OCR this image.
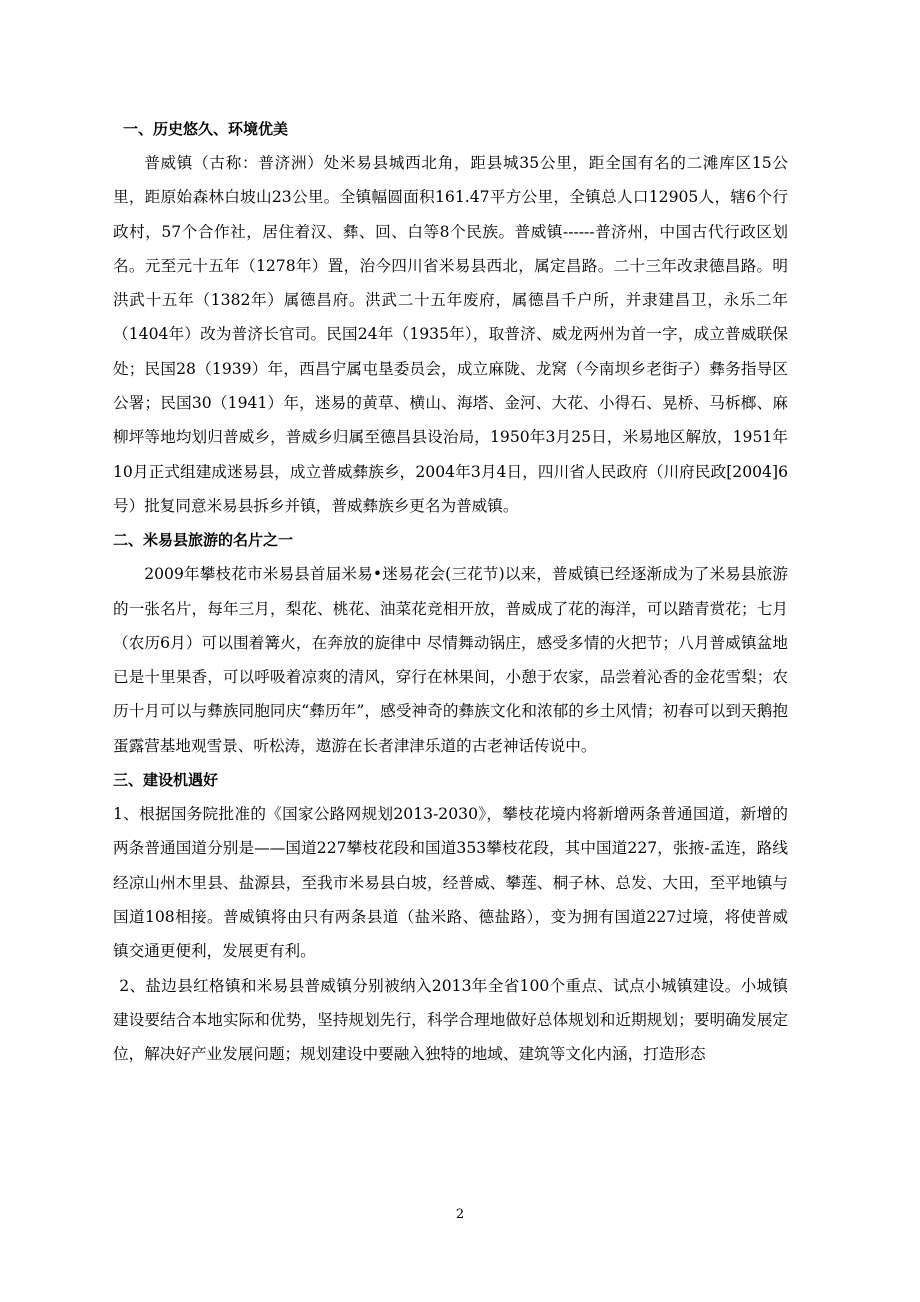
一、历史悠久、环境优美

普威镇（古称：普济洲）处米易县城西北角，距县城35公里，距全国有名的二滩库区15公里，距原始森林白坡山23公里。全镇幅圆面积161.47平方公里，全镇总人口12905人，辖6个行政村，57个合作社，居住着汉、彝、回、白等8个民族。普威镇------普济州，中国古代行政区划名。元至元十五年（1278年）置，治今四川省米易县西北，属定昌路。二十三年改隶德昌路。明洪武十五年（1382年）属德昌府。洪武二十五年废府，属德昌千户所，并隶建昌卫，永乐二年（1404年）改为普济长官司。民国24年（1935年），取普济、威龙两州为首一字，成立普威联保处；民国28（1939）年，西昌宁属屯垦委员会，成立麻陇、龙窝（今南坝乡老街子）彝务指导区公署；民国30（1941）年，迷易的黄草、横山、海塔、金河、大花、小得石、晃桥、马柝榔、麻柳坪等地均划归普威乡，普威乡归属至德昌县设治局，1950年3月25日，米易地区解放，1951年10月正式组建成迷易县，成立普威彝族乡，2004年3月4日，四川省人民政府（川府民政[2004]6号）批复同意米易县拆乡并镇，普威彝族乡更名为普威镇。

二、米易县旅游的名片之一

2009年攀枝花市米易县首届米易•迷易花会(三花节)以来，普威镇已经逐渐成为了米易县旅游的一张名片，每年三月，梨花、桃花、油菜花竞相开放，普威成了花的海洋，可以踏青赏花；七月（农历6月）可以围着篝火，在奔放的旋律中 尽情舞动锅庄，感受多情的火把节；八月普威镇盆地已是十里果香，可以呼吸着凉爽的清风，穿行在林果间，小憩于农家，品尝着沁香的金花雪梨；农历十月可以与彝族同胞同庆“彝历年”，感受神奇的彝族文化和浓郁的乡土风情；初春可以到天鹅抱蛋露营基地观雪景、听松涛，遨游在长者津津乐道的古老神话传说中。

三、建设机遇好

1、根据国务院批准的《国家公路网规划2013-2030》，攀枝花境内将新增两条普通国道，新增的两条普通国道分别是——国道227攀枝花段和国道353攀枝花段，其中国道227，张掖-孟连，路线经凉山州木里县、盐源县，至我市米易县白坡，经普威、攀莲、桐子林、总发、大田，至平地镇与国道108相接。普威镇将由只有两条县道（盐米路、德盐路），变为拥有国道227过境，将使普威镇交通更便利，发展更有利。

2、盐边县红格镇和米易县普威镇分别被纳入2013年全省100个重点、试点小城镇建设。小城镇建设要结合本地实际和优势，坚持规划先行，科学合理地做好总体规划和近期规划；要明确发展定位，解决好产业发展问题；规划建设中要融入独特的地域、建筑等文化内涵，打造形态

2
